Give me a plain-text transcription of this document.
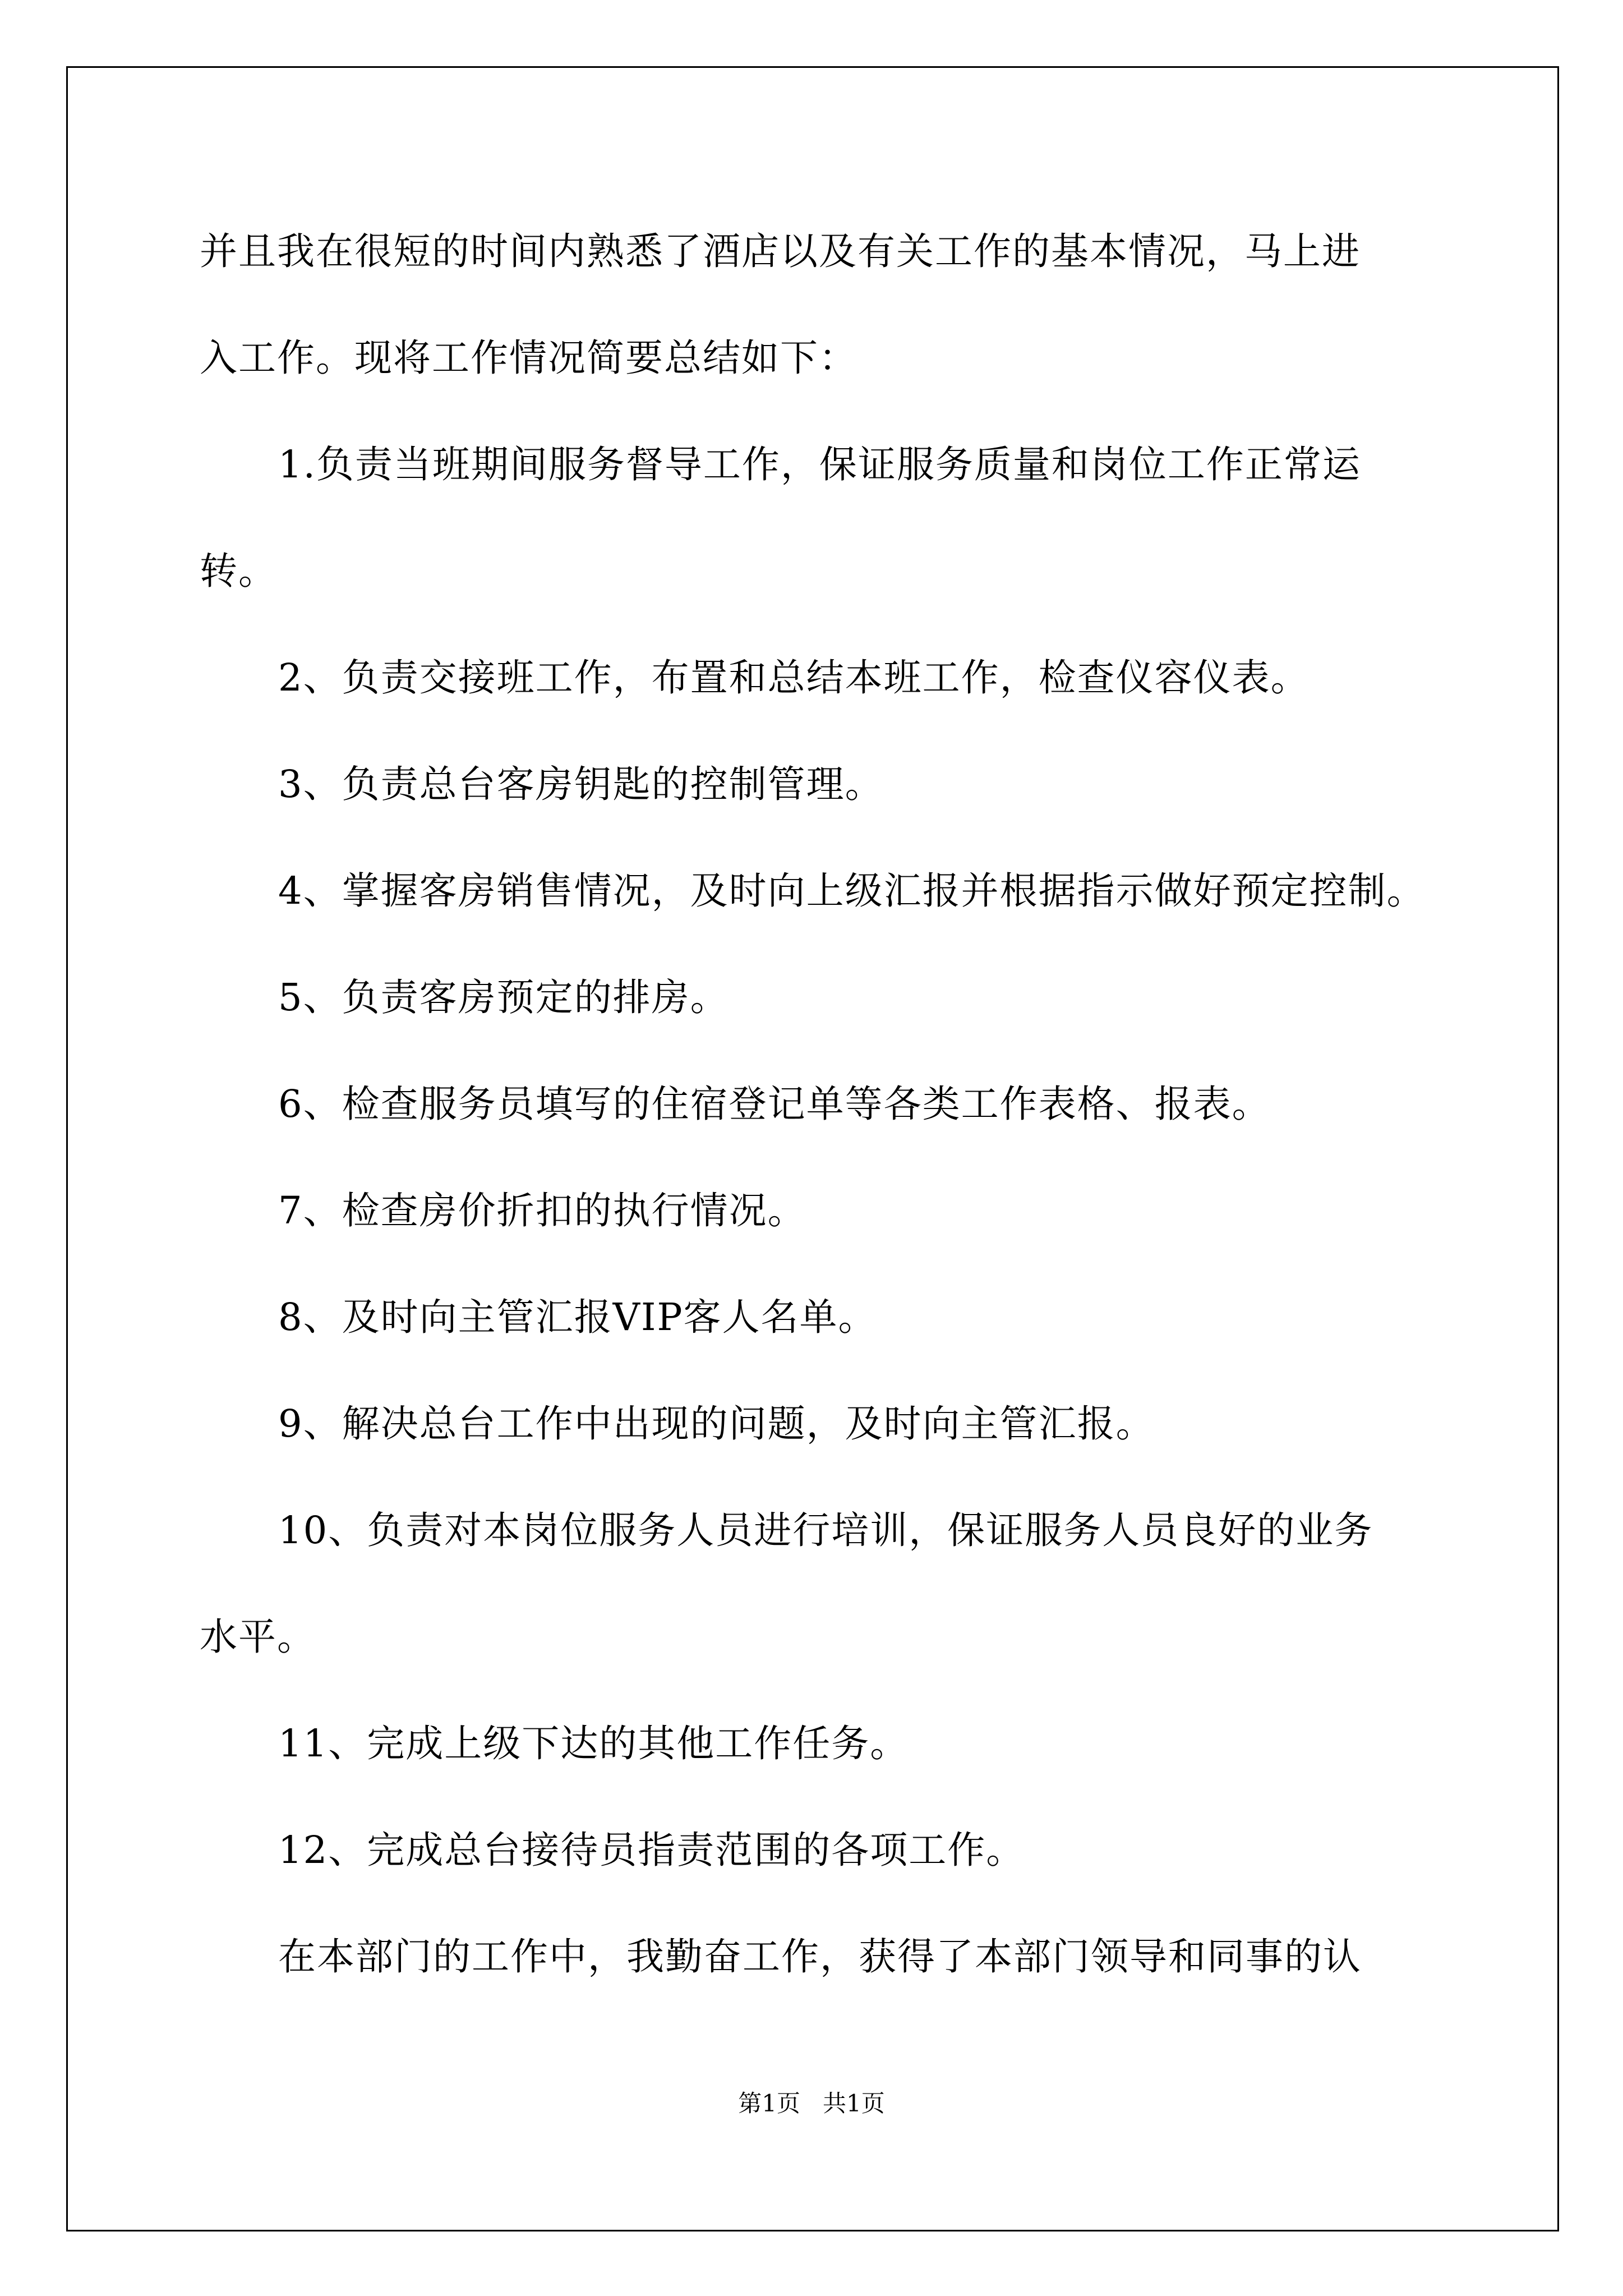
并且我在很短的时间内熟悉了酒店以及有关工作的基本情况，马上进
入工作。现将工作情况简要总结如下：
1.负责当班期间服务督导工作，保证服务质量和岗位工作正常运
转。
2、负责交接班工作，布置和总结本班工作，检查仪容仪表。
3、负责总台客房钥匙的控制管理。
4、掌握客房销售情况，及时向上级汇报并根据指示做好预定控制。
5、负责客房预定的排房。
6、检查服务员填写的住宿登记单等各类工作表格、报表。
7、检查房价折扣的执行情况。
8、及时向主管汇报VIP客人名单。
9、解决总台工作中出现的问题，及时向主管汇报。
10、负责对本岗位服务人员进行培训，保证服务人员良好的业务
水平。
11、完成上级下达的其他工作任务。
12、完成总台接待员指责范围的各项工作。
在本部门的工作中，我勤奋工作，获得了本部门领导和同事的认
第1页   共1页
